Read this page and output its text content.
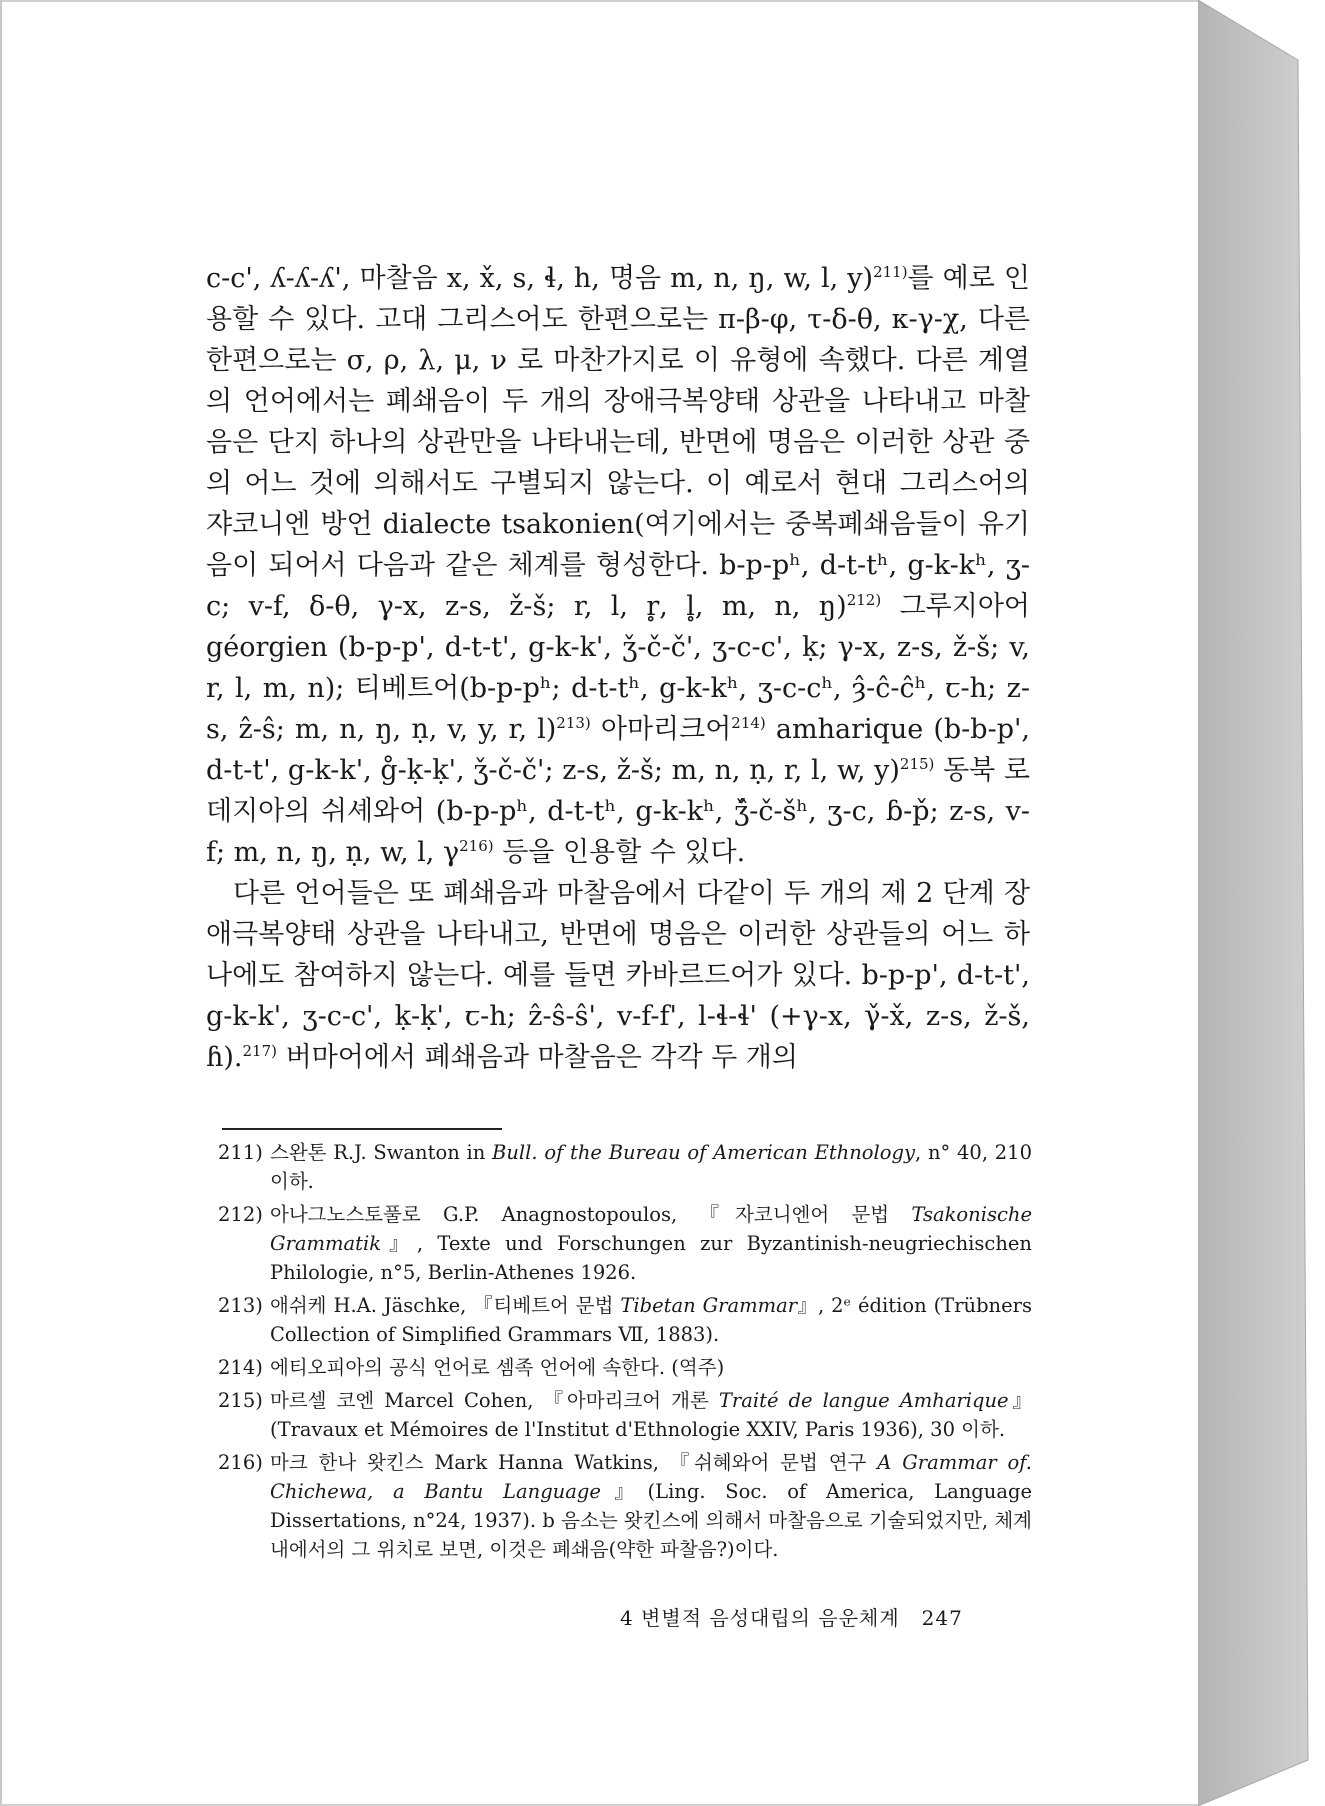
c-c', ʎ-ʎ-ʎ', 마찰음 x, x̌, s, ɬ, h, 명음 m, n, ŋ, w, l, y)$^{211)}$를 예로 인용할 수 있다. 고대 그리스어도 한편으로는 π-β-φ, τ-δ-θ, κ-γ-χ, 다른 한편으로는 σ, ρ, λ, μ, ν 로 마찬가지로 이 유형에 속했다. 다른 계열의 언어에서는 폐쇄음이 두 개의 장애극복양태 상관을 나타내고 마찰음은 단지 하나의 상관만을 나타내는데, 반면에 명음은 이러한 상관 중의 어느 것에 의해서도 구별되지 않는다. 이 예로서 현대 그리스어의 쟈코니엔 방언 dialecte tsakonien(여기에서는 중복폐쇄음들이 유기음이 되어서 다음과 같은 체계를 형성한다. b-p-pʰ, d-t-tʰ, g-k-kʰ, ʒ-c; v-f, δ-θ, γ-x, z-s, ž-š; r, l, r̥, l̥, m, n, ŋ)$^{212)}$ 그루지아어 géorgien (b-p-p', d-t-t', g-k-k', ǯ-č-č', ʒ-c-c', ḳ; γ-x, z-s, ž-š; v, r, l, m, n); 티베트어(b-p-pʰ; d-t-tʰ, g-k-kʰ, ʒ-c-cʰ, ȝ̂-ĉ-ĉʰ, ꞇ-h; z-s, ẑ-ŝ; m, n, ŋ, ṇ, v, y, r, l)$^{213)}$ 아마리크어$^{214)}$ amharique (b-b-p', d-t-t', g-k-k', g̊-ḳ-ḳ', ǯ-č-č'; z-s, ž-š; m, n, ṇ, r, l, w, y)$^{215)}$ 동북 로데지아의 쉬셰와어 (b-p-pʰ, d-t-tʰ, g-k-kʰ, ǯ̂-č-šʰ, ʒ-c, ɓ-p̌; z-s, v-f; m, n, ŋ, ṇ, w, l, $\gamma^{216)}$ 등을 인용할 수 있다.

다른 언어들은 또 폐쇄음과 마찰음에서 다같이 두 개의 제 2 단계 장애극복양태 상관을 나타내고, 반면에 명음은 이러한 상관들의 어느 하나에도 참여하지 않는다. 예를 들면 카바르드어가 있다. b-p-p', d-t-t', g-k-k', ʒ-c-c', ḳ-ḳ', ꞇ-h; ẑ-ŝ-ŝ', v-f-f', l-ɬ-ɬ' (+γ-x, γ̌-x̌, z-s, ž-š, ɦ).$^{217)}$ 버마어에서 폐쇄음과 마찰음은 각각 두 개의

211) 스완톤 R.J. Swanton in Bull. of the Bureau of American Ethnology, n° 40, 210 이하.
212) 아나그노스토풀로 G.P. Anagnostopoulos, 『자코니엔어 문법 Tsakonische Grammatik』, Texte und Forschungen zur Byzantinish-neugriechischen Philologie, n°5, Berlin-Athenes 1926.
213) 애쉬케 H.A. Jäschke, 『티베트어 문법 Tibetan Grammar』, 2ᵉ édition (Trübners Collection of Simplified Grammars Ⅶ, 1883).
214) 에티오피아의 공식 언어로 셈족 언어에 속한다. (역주)
215) 마르셀 코엔 Marcel Cohen, 『아마리크어 개론 Traité de langue Amharique』 (Travaux et Mémoires de l'Institut d'Ethnologie XXIV, Paris 1936), 30 이하.
216) 마크 한나 왓킨스 Mark Hanna Watkins, 『쉬혜와어 문법 연구 A Grammar of. Chichewa, a Bantu Language』(Ling. Soc. of America, Language Dissertations, n°24, 1937). b 음소는 왓킨스에 의해서 마찰음으로 기술되었지만, 체계내에서의 그 위치로 보면, 이것은 폐쇄음(약한 파찰음?)이다.
4 변별적 음성대립의 음운체계 247
